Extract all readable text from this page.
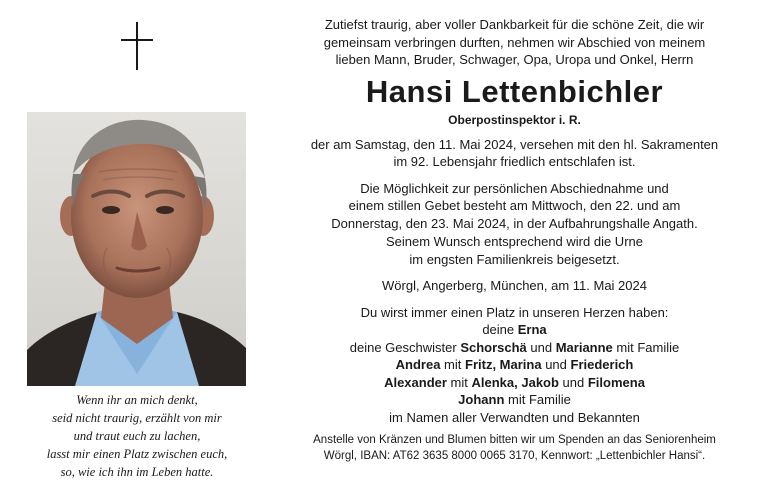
Wenn ihr an mich denkt,
seid nicht traurig, erzählt von mir
und traut euch zu lachen,
lasst mir einen Platz zwischen euch,
so, wie ich ihn im Leben hatte.
Zutiefst traurig, aber voller Dankbarkeit für die schöne Zeit, die wir
gemeinsam verbringen durften, nehmen wir Abschied von meinem
lieben Mann, Bruder, Schwager, Opa, Uropa und Onkel, Herrn
Hansi Lettenbichler
Oberpostinspektor i. R.
der am Samstag, den 11. Mai 2024, versehen mit den hl. Sakramenten
im 92. Lebensjahr friedlich entschlafen ist.
Die Möglichkeit zur persönlichen Abschiednahme und
einem stillen Gebet besteht am Mittwoch, den 22. und am
Donnerstag, den 23. Mai 2024, in der Aufbahrungshalle Angath.
Seinem Wunsch entsprechend wird die Urne
im engsten Familienkreis beigesetzt.
Wörgl, Angerberg, München, am 11. Mai 2024
Du wirst immer einen Platz in unseren Herzen haben:
deine Erna
deine Geschwister Schorschä und Marianne mit Familie
Andrea mit Fritz, Marina und Friederich
Alexander mit Alenka, Jakob und Filomena
Johann mit Familie
im Namen aller Verwandten und Bekannten
Anstelle von Kränzen und Blumen bitten wir um Spenden an das Seniorenheim
Wörgl, IBAN: AT62 3635 8000 0065 3170, Kennwort: „Lettenbichler Hansi“.
